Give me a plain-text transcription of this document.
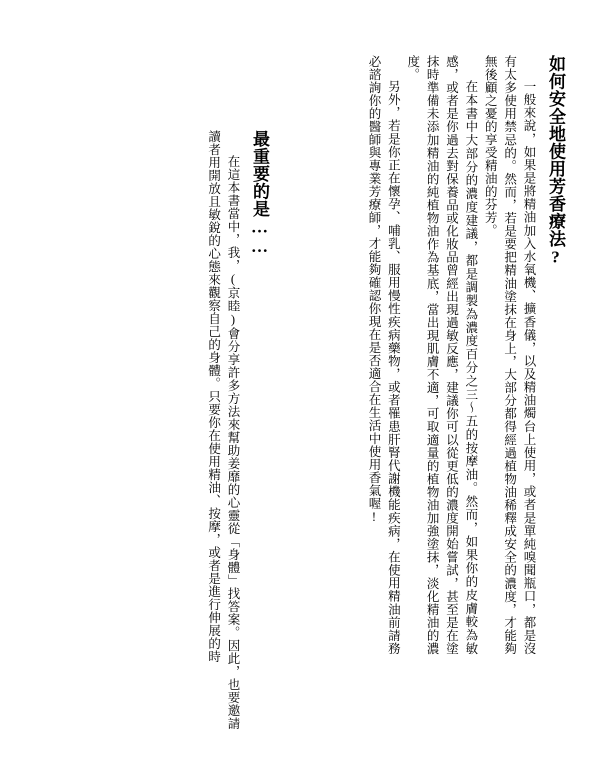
如何安全地使用芳香療法?
一般來說，如果是將精油加入水氧機、擴香儀，以及精油燭台上使用，或者是單純嗅聞瓶口，都是沒有太多使用禁忌的。然而，若是要把精油塗抹在身上，大部分都得經過植物油稀釋成安全的濃度，才能夠無後顧之憂的享受精油的芬芳。
在本書中大部分的濃度建議，都是調製為濃度百分之三～五的按摩油。然而，如果你的皮膚較為敏感，或者是你過去對保養品或化妝品曾經出現過敏反應，建議你可以從更低的濃度開始嘗試，甚至是在塗抹時準備未添加精油的純植物油作為基底，當出現肌膚不適，可取適量的植物油加強塗抹，淡化精油的濃度。
另外，若是你正在懷孕、哺乳、服用慢性疾病藥物，或者罹患肝腎代謝機能疾病，在使用精油前請務必諮詢你的醫師與專業芳療師，才能夠確認你現在是否適合在生活中使用香氣喔!
最重要的是……
在這本書當中，我，(京睦)會分享許多方法來幫助姜靡的心靈從「身體」找答案。因此，也要邀請讀者用開放且敏銳的心態來觀察自己的身體。只要你在使用精油、按摩，或者是進行伸展的時
